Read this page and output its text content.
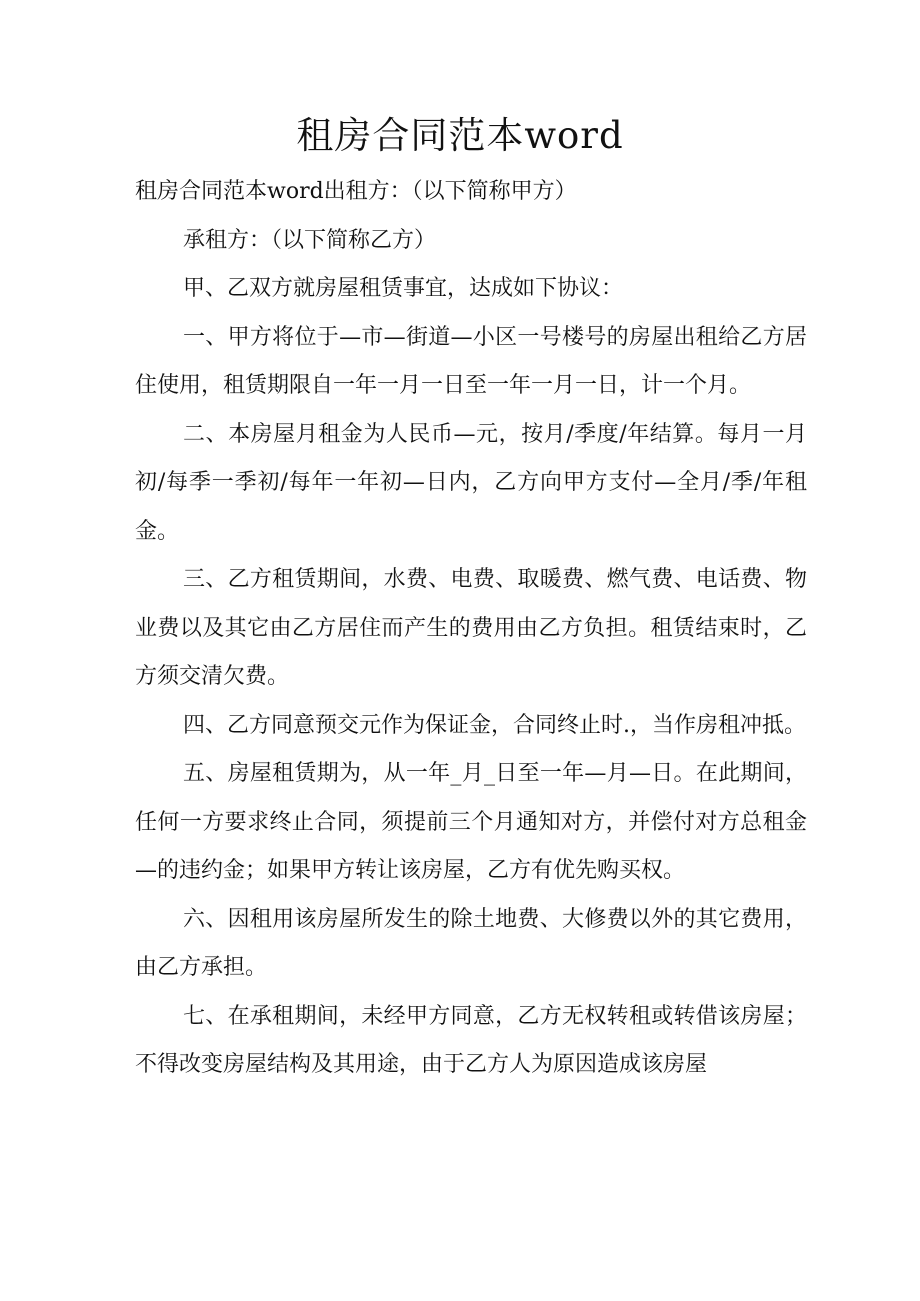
租房合同范本word

租房合同范本word出租方：（以下简称甲方）

承租方：（以下简称乙方）

甲、乙双方就房屋租赁事宜，达成如下协议：

一、甲方将位于—市—街道—小区一号楼号的房屋出租给乙方居住使用，租赁期限自一年一月一日至一年一月一日，计一个月。

二、本房屋月租金为人民币—元，按月/季度/年结算。每月一月初/每季一季初/每年一年初—日内，乙方向甲方支付—全月/季/年租金。

三、乙方租赁期间，水费、电费、取暖费、燃气费、电话费、物业费以及其它由乙方居住而产生的费用由乙方负担。租赁结束时，乙方须交清欠费。

四、乙方同意预交元作为保证金，合同终止时.，当作房租冲抵。

五、房屋租赁期为，从一年_月_日至一年—月—日。在此期间，任何一方要求终止合同，须提前三个月通知对方，并偿付对方总租金—的违约金；如果甲方转让该房屋，乙方有优先购买权。

六、因租用该房屋所发生的除土地费、大修费以外的其它费用，由乙方承担。

七、在承租期间，未经甲方同意，乙方无权转租或转借该房屋；不得改变房屋结构及其用途，由于乙方人为原因造成该房屋
